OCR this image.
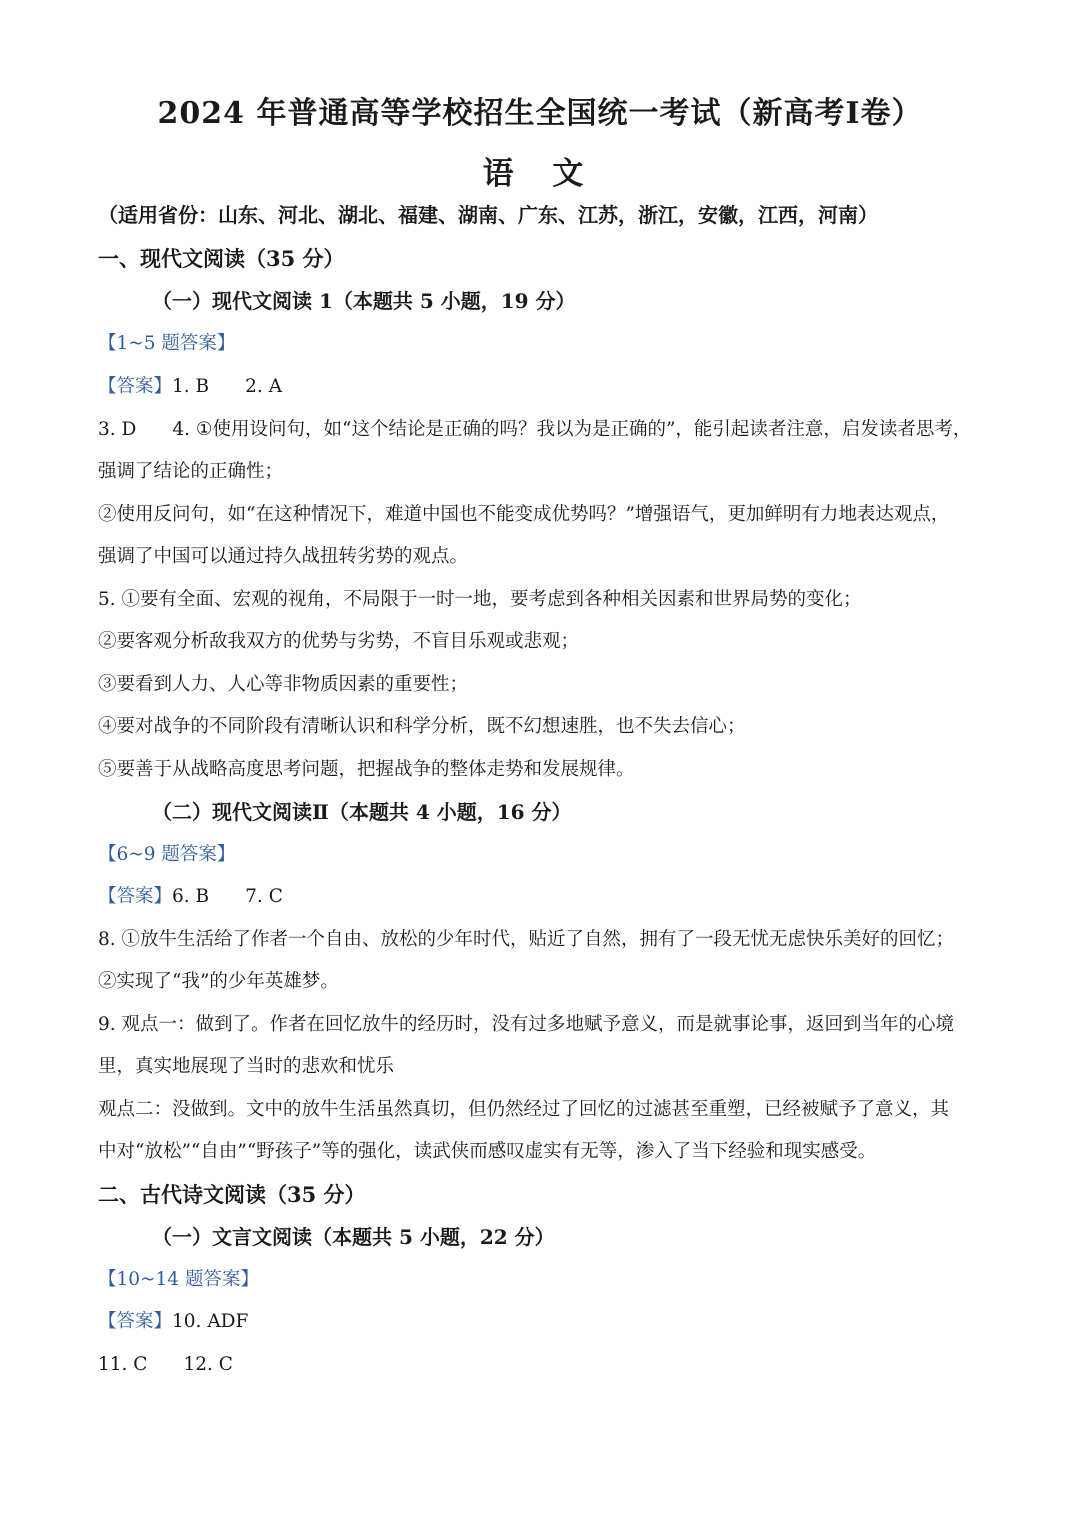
2024 年普通高等学校招生全国统一考试（新高考Ⅰ卷）
语 文
（适用省份：山东、河北、湖北、福建、湖南、广东、江苏，浙江，安徽，江西，河南）
一、现代文阅读（35 分）
（一）现代文阅读 1（本题共 5 小题，19 分）
【1~5 题答案】
【答案】1. B 2. A
3. D 4. ①使用设问句，如“这个结论是正确的吗？我以为是正确的”，能引起读者注意，启发读者思考，
强调了结论的正确性；
②使用反问句，如“在这种情况下，难道中国也不能变成优势吗？”增强语气，更加鲜明有力地表达观点，
强调了中国可以通过持久战扭转劣势的观点。
5. ①要有全面、宏观的视角，不局限于一时一地，要考虑到各种相关因素和世界局势的变化；
②要客观分析敌我双方的优势与劣势，不盲目乐观或悲观；
③要看到人力、人心等非物质因素的重要性；
④要对战争的不同阶段有清晰认识和科学分析，既不幻想速胜，也不失去信心；
⑤要善于从战略高度思考问题，把握战争的整体走势和发展规律。
（二）现代文阅读Ⅱ（本题共 4 小题，16 分）
【6~9 题答案】
【答案】6. B 7. C
8. ①放牛生活给了作者一个自由、放松的少年时代，贴近了自然，拥有了一段无忧无虑快乐美好的回忆；
②实现了“我”的少年英雄梦。
9. 观点一：做到了。作者在回忆放牛的经历时，没有过多地赋予意义，而是就事论事，返回到当年的心境
里，真实地展现了当时的悲欢和忧乐
观点二：没做到。文中的放牛生活虽然真切，但仍然经过了回忆的过滤甚至重塑，已经被赋予了意义，其
中对“放松”“自由”“野孩子”等的强化，读武侠而感叹虚实有无等，渗入了当下经验和现实感受。
二、古代诗文阅读（35 分）
（一）文言文阅读（本题共 5 小题，22 分）
【10~14 题答案】
【答案】10. ADF
11. C 12. C
